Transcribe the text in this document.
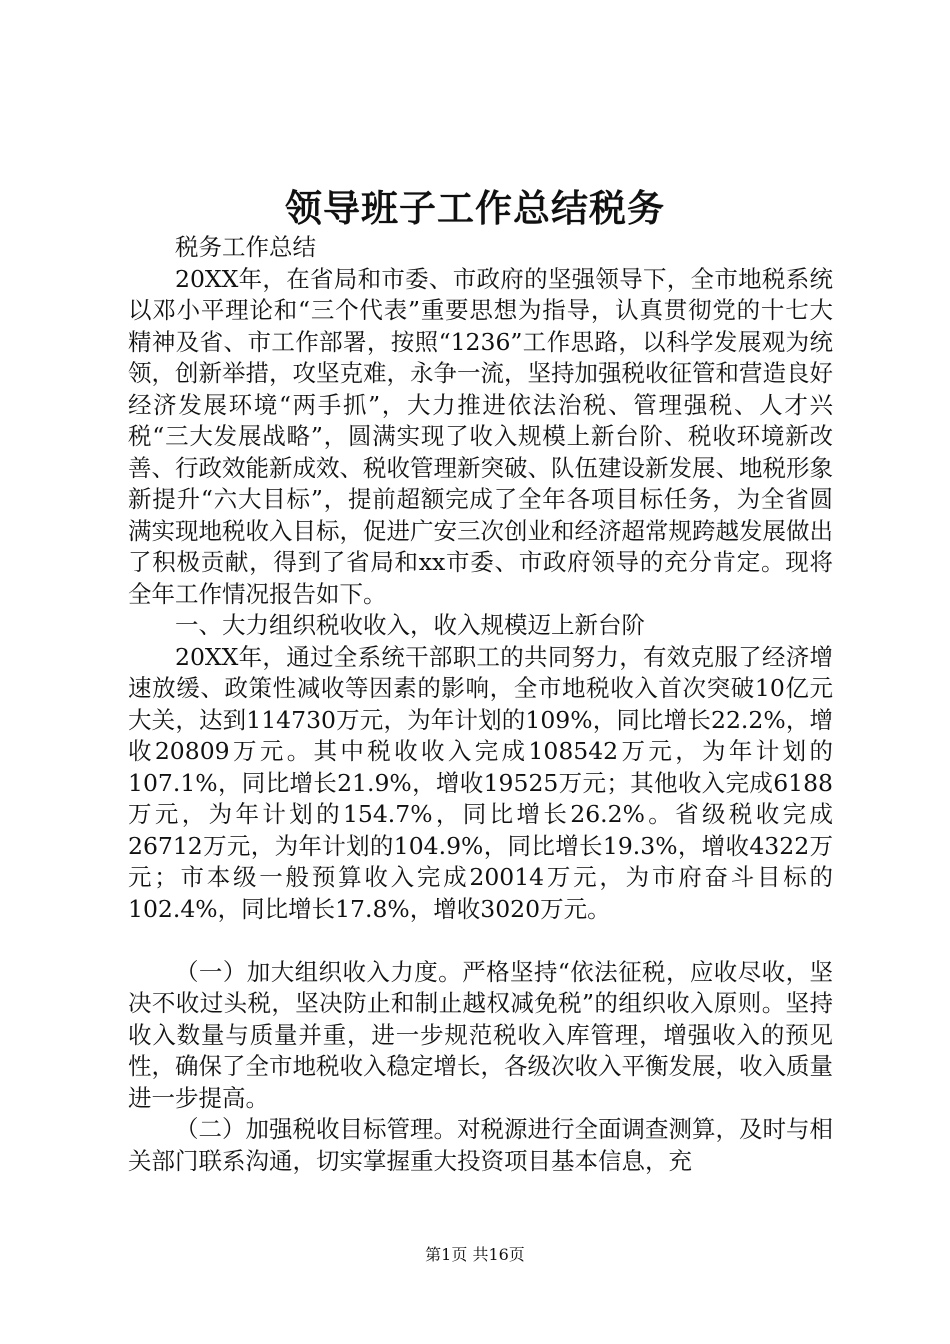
领导班子工作总结税务

税务工作总结

20XX年，在省局和市委、市政府的坚强领导下，全市地税系统以邓小平理论和“三个代表”重要思想为指导，认真贯彻党的十七大精神及省、市工作部署，按照“1236”工作思路，以科学发展观为统领，创新举措，攻坚克难，永争一流，坚持加强税收征管和营造良好经济发展环境“两手抓”，大力推进依法治税、管理强税、人才兴税“三大发展战略”，圆满实现了收入规模上新台阶、税收环境新改善、行政效能新成效、税收管理新突破、队伍建设新发展、地税形象新提升“六大目标”，提前超额完成了全年各项目标任务，为全省圆满实现地税收入目标，促进广安三次创业和经济超常规跨越发展做出了积极贡献，得到了省局和xx市委、市政府领导的充分肯定。现将全年工作情况报告如下。

一、大力组织税收收入，收入规模迈上新台阶

20XX年，通过全系统干部职工的共同努力，有效克服了经济增速放缓、政策性减收等因素的影响，全市地税收入首次突破10亿元大关，达到114730万元，为年计划的109%，同比增长22.2%，增收20809万元。其中税收收入完成108542万元，为年计划的107.1%，同比增长21.9%，增收19525万元；其他收入完成6188万元，为年计划的154.7%，同比增长26.2%。省级税收完成26712万元，为年计划的104.9%，同比增长19.3%，增收4322万元；市本级一般预算收入完成20014万元，为市府奋斗目标的102.4%，同比增长17.8%，增收3020万元。

（一）加大组织收入力度。严格坚持“依法征税，应收尽收，坚决不收过头税，坚决防止和制止越权减免税”的组织收入原则。坚持收入数量与质量并重，进一步规范税收入库管理，增强收入的预见性，确保了全市地税收入稳定增长，各级次收入平衡发展，收入质量进一步提高。

（二）加强税收目标管理。对税源进行全面调查测算，及时与相关部门联系沟通，切实掌握重大投资项目基本信息，充

第1页 共16页
